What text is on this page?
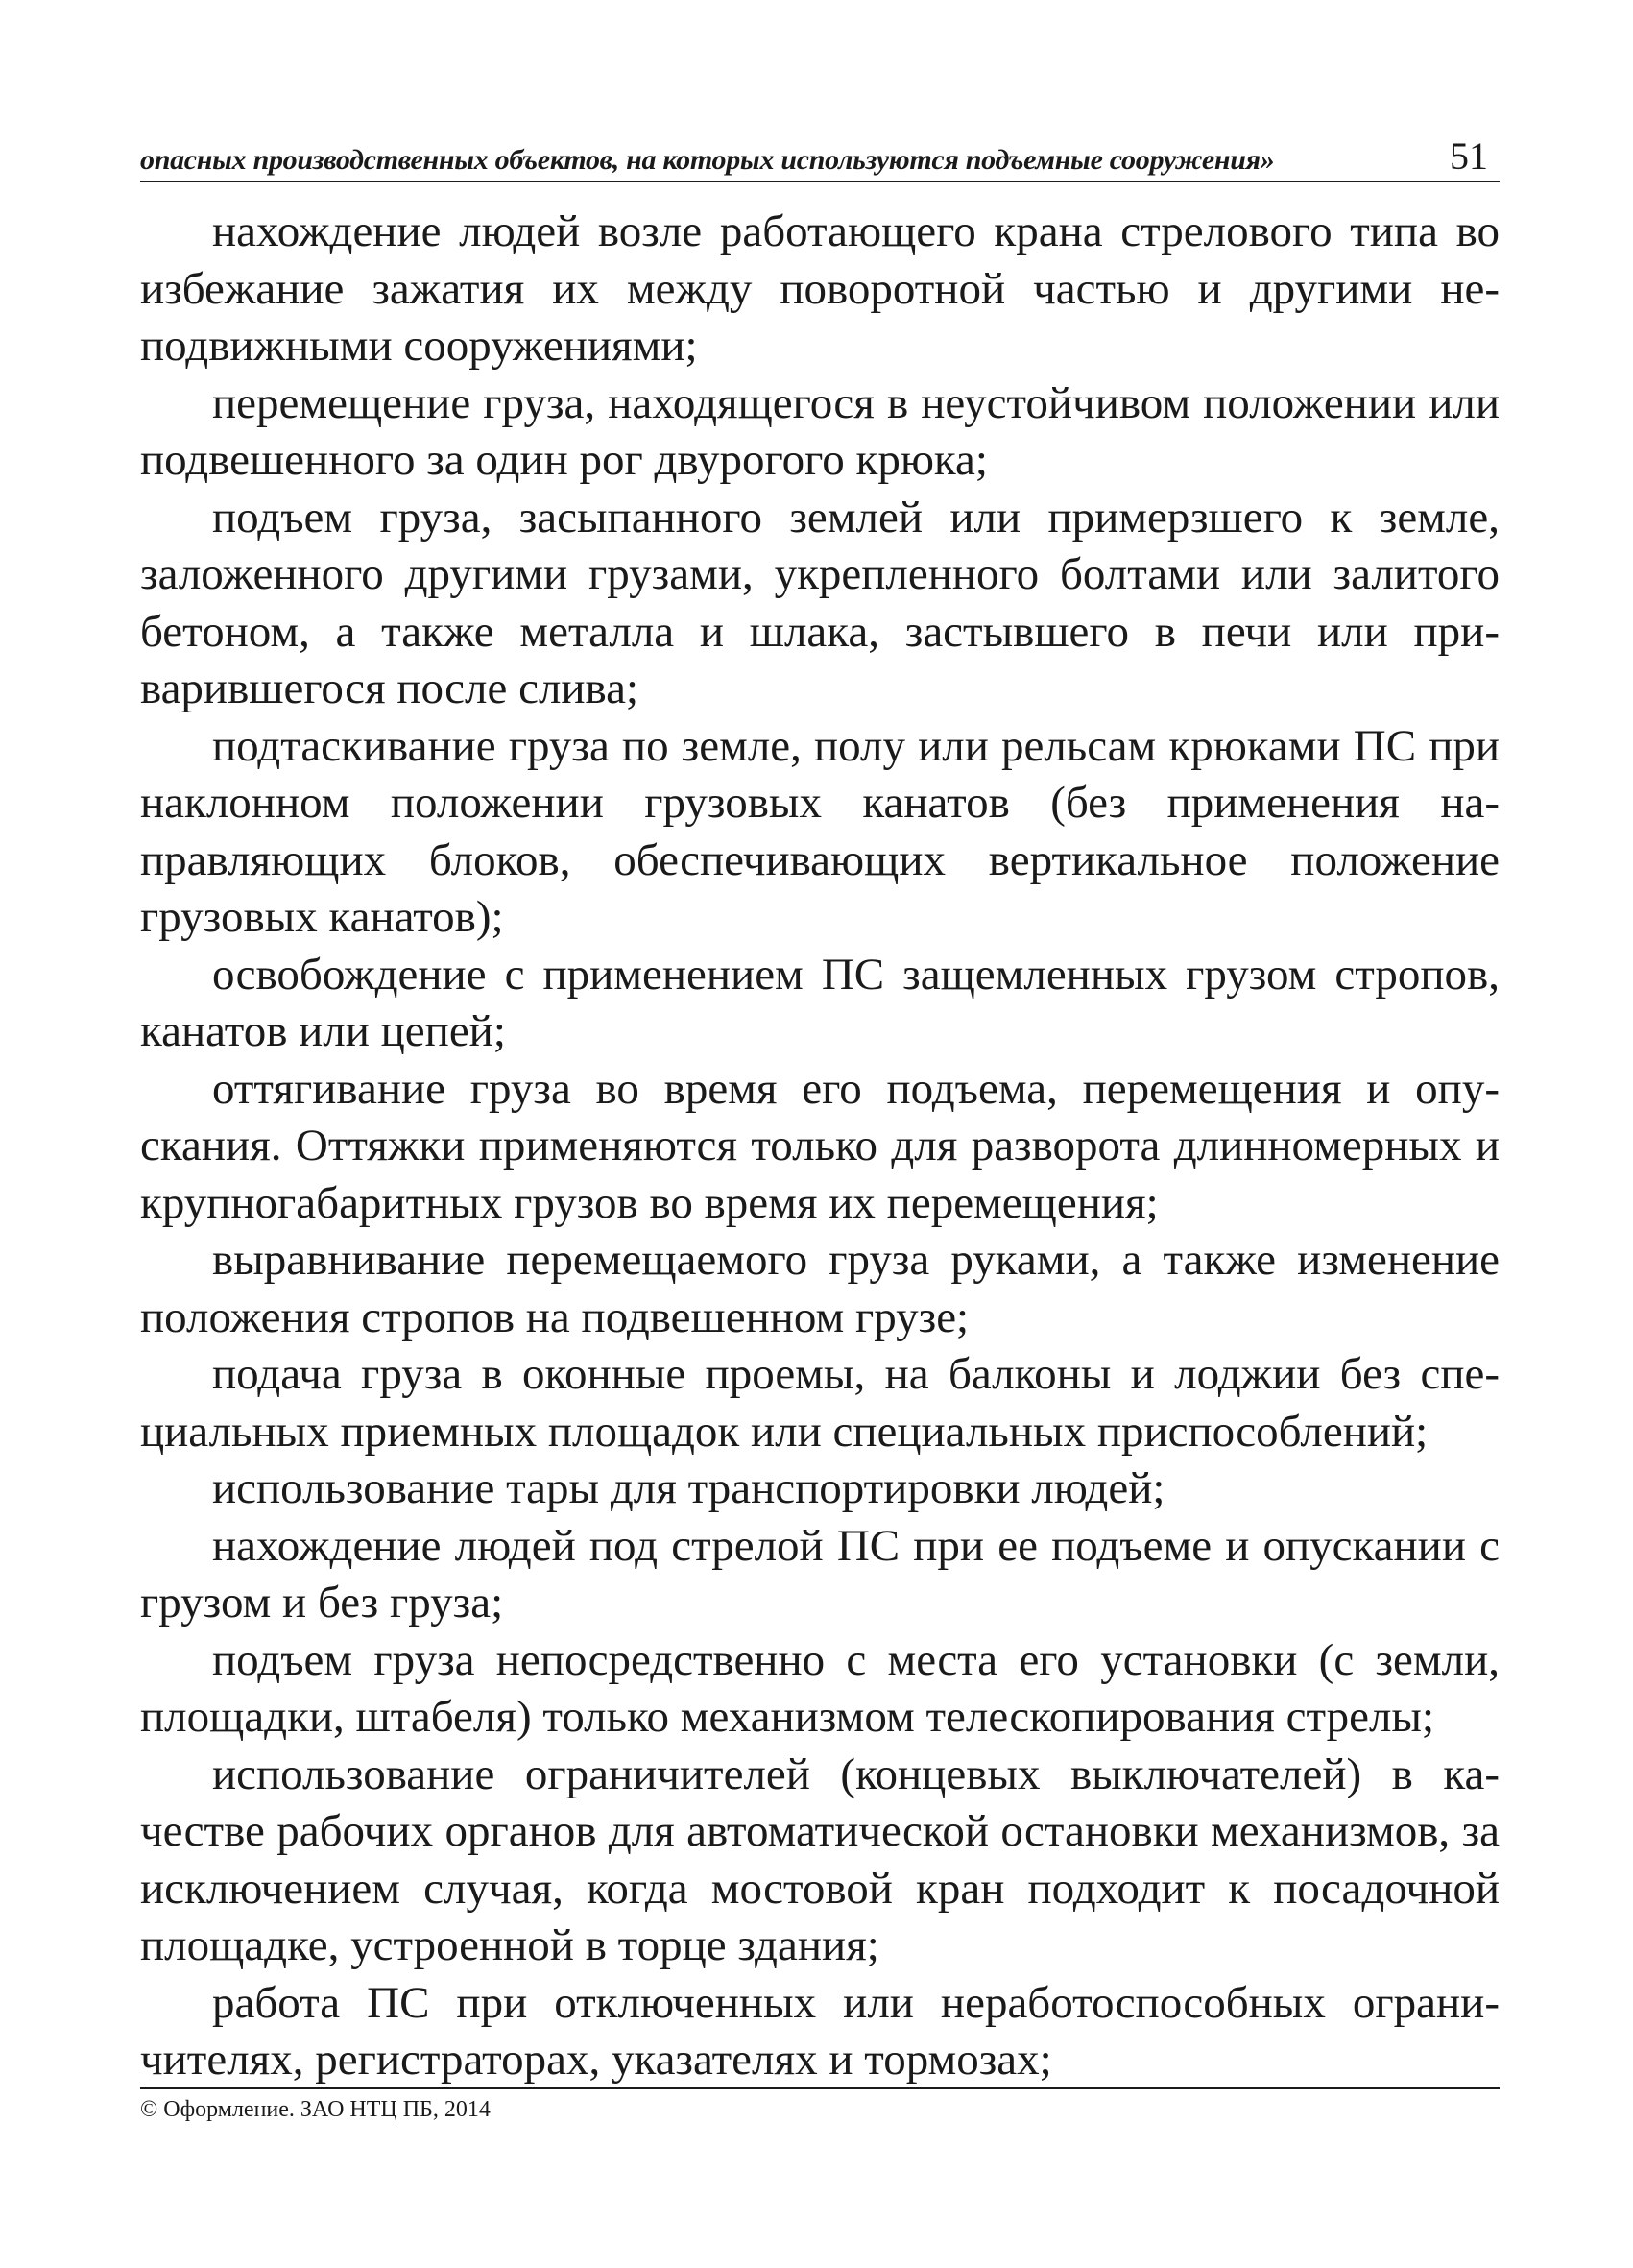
опасных производственных объектов, на которых используются подъемные сооружения»	51

нахождение людей возле работающего крана стрелового типа во избежание зажатия их между поворотной частью и другими неподвижными сооружениями;

перемещение груза, находящегося в неустойчивом положении или подвешенного за один рог двурогого крюка;

подъем груза, засыпанного землей или примерзшего к земле, заложенного другими грузами, укрепленного болтами или залитого бетоном, а также металла и шлака, застывшего в печи или приварившегося после слива;

подтаскивание груза по земле, полу или рельсам крюками ПС при наклонном положении грузовых канатов (без применения направляющих блоков, обеспечивающих вертикальное положение грузовых канатов);

освобождение с применением ПС защемленных грузом стропов, канатов или цепей;

оттягивание груза во время его подъема, перемещения и опускания. Оттяжки применяются только для разворота длинномерных и крупногабаритных грузов во время их перемещения;

выравнивание перемещаемого груза руками, а также изменение положения стропов на подвешенном грузе;

подача груза в оконные проемы, на балконы и лоджии без специальных приемных площадок или специальных приспособлений;

использование тары для транспортировки людей;

нахождение людей под стрелой ПС при ее подъеме и опускании с грузом и без груза;

подъем груза непосредственно с места его установки (с земли, площадки, штабеля) только механизмом телескопирования стрелы;

использование ограничителей (концевых выключателей) в качестве рабочих органов для автоматической остановки механизмов, за исключением случая, когда мостовой кран подходит к посадочной площадке, устроенной в торце здания;

работа ПС при отключенных или неработоспособных ограничителях, регистраторах, указателях и тормозах;

© Оформление. ЗАО НТЦ ПБ, 2014
